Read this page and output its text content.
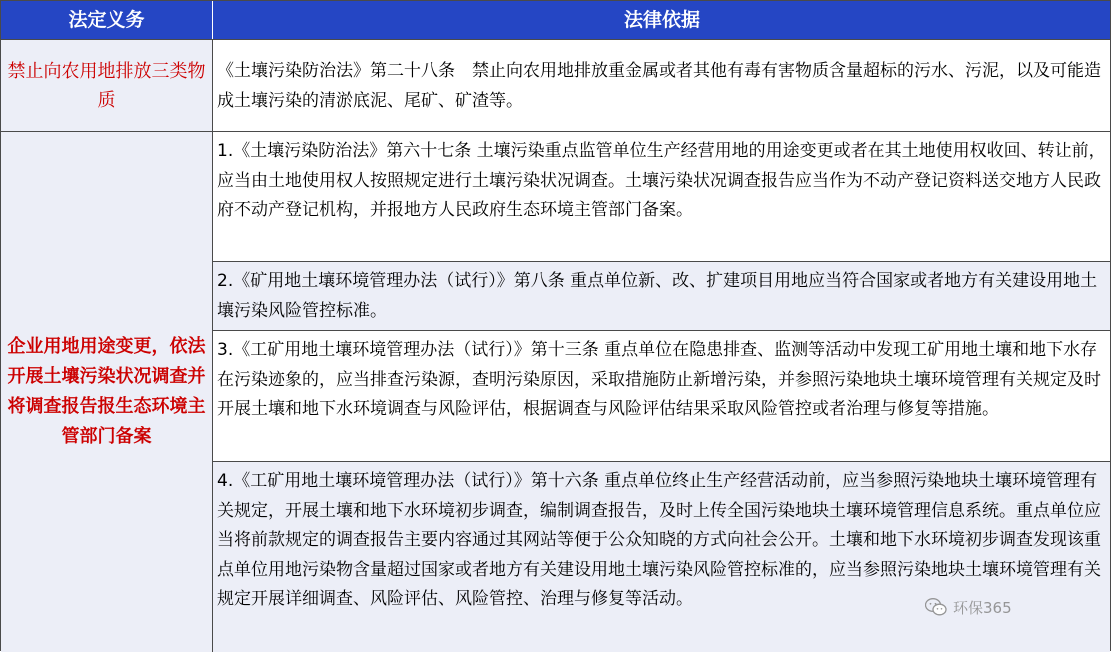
法定义务	法律依据
禁止向农用地排放三类物质
《土壤污染防治法》第二十八条　禁止向农用地排放重金属或者其他有毒有害物质含量超标的污水、污泥，以及可能造成土壤污染的清淤底泥、尾矿、矿渣等。
企业用地用途变更，依法开展土壤污染状况调查并将调查报告报生态环境主管部门备案
1.《土壤污染防治法》第六十七条 土壤污染重点监管单位生产经营用地的用途变更或者在其土地使用权收回、转让前，应当由土地使用权人按照规定进行土壤污染状况调查。土壤污染状况调查报告应当作为不动产登记资料送交地方人民政府不动产登记机构，并报地方人民政府生态环境主管部门备案。
2.《矿用地土壤环境管理办法（试行）》第八条 重点单位新、改、扩建项目用地应当符合国家或者地方有关建设用地土壤污染风险管控标准。
3.《工矿用地土壤环境管理办法（试行）》第十三条 重点单位在隐患排查、监测等活动中发现工矿用地土壤和地下水存在污染迹象的，应当排查污染源，查明污染原因，采取措施防止新增污染，并参照污染地块土壤环境管理有关规定及时开展土壤和地下水环境调查与风险评估，根据调查与风险评估结果采取风险管控或者治理与修复等措施。
4.《工矿用地土壤环境管理办法（试行）》第十六条 重点单位终止生产经营活动前，应当参照污染地块土壤环境管理有关规定，开展土壤和地下水环境初步调查，编制调查报告，及时上传全国污染地块土壤环境管理信息系统。重点单位应当将前款规定的调查报告主要内容通过其网站等便于公众知晓的方式向社会公开。土壤和地下水环境初步调查发现该重点单位用地污染物含量超过国家或者地方有关建设用地土壤污染风险管控标准的，应当参照污染地块土壤环境管理有关规定开展详细调查、风险评估、风险管控、治理与修复等活动。	环保365
